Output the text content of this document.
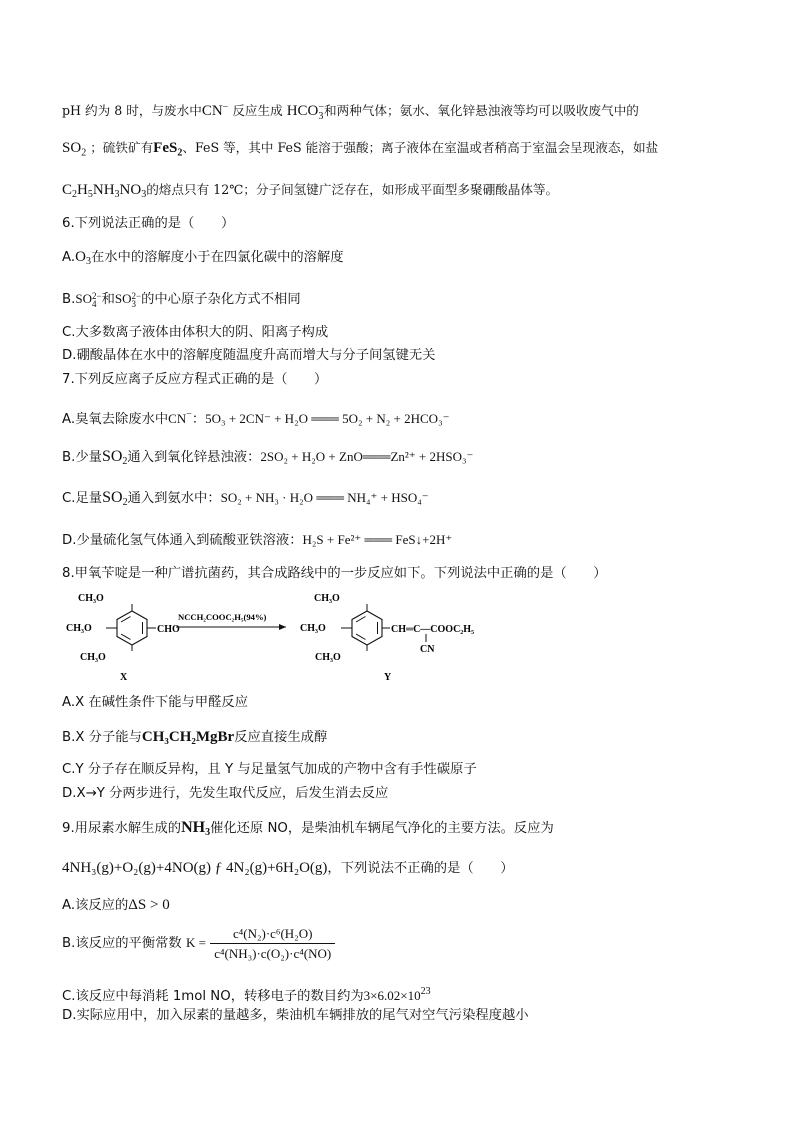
pH 约为 8 时，与废水中CN− 反应生成 HCO −
3 和两种气体；氨水、氧化锌悬浊液等均可以吸收废气中的
$SO_2$ ；硫铁矿有FeS$_2$、FeS 等，其中 FeS 能溶于强酸；离子液体在室温或者稍高于室温会呈现液态，如盐
$C_2H_5NH_3NO_3$的熔点只有 12℃；分子间氢键广泛存在，如形成平面型多聚硼酸晶体等。
6.下列说法正确的是（　　）
$A.O_3$在水中的溶解度小于在四氯化碳中的溶解度
B.SO 2−
4 和SO 2−
3 的中心原子杂化方式不相同
C.大多数离子液体由体积大的阴、阳离子构成
D.硼酸晶体在水中的溶解度随温度升高而增大与分子间氢键无关
7.下列反应离子反应方程式正确的是（　　）
A.臭氧去除废水中CN−：5O₃ + 2CN⁻ + H₂O ═══ 5O₂ + N₂ + 2HCO₃⁻
B.少量$SO_2$通入到氧化锌悬浊液：2SO₂ + H₂O + ZnO═══Zn²⁺ + 2HSO₃⁻
C.足量$SO_2$通入到氨水中：SO₂ + NH₃ · H₂O ═══ NH₄⁺ + HSO₄⁻
D.少量硫化氢气体通入到硫酸亚铁溶液：H₂S + Fe²⁺ ═══ FeS↓+2H⁺
8.甲氧苄啶是一种广谱抗菌药，其合成路线中的一步反应如下。下列说法中正确的是（　　）
CH₃O
CH₃O
CH₃O
CHO
X
NCCH₂COOC₂H₅(94%)
CH₃O
CH₃O
CH₃O
CH═C—COOC₂H₅
CN
Y
A.X 在碱性条件下能与甲醛反应
B.X 分子能与CH₃CH₂MgBr反应直接生成醇
C.Y 分子存在顺反异构，且 Y 与足量氢气加成的产物中含有手性碳原子
D.X→Y 分两步进行，先发生取代反应，后发生消去反应
9.用尿素水解生成的$NH_3$催化还原 NO，是柴油机车辆尾气净化的主要方法。反应为
4NH₃(g)+O₂(g)+4NO(g) ƒ 4N₂(g)+6H₂O(g)，下列说法不正确的是（　　）
A.该反应的ΔS > 0
B.该反应的平衡常数 $K = \frac{\text{c⁴(N₂)·c⁶(H₂O)}}{\text{c⁴(NH₃)·c(O₂)·c⁴(NO)}}$
C.该反应中每消耗 1mol NO，转移电子的数目约为$3\times 6.02\times 10^{23}$
D.实际应用中，加入尿素的量越多，柴油机车辆排放的尾气对空气污染程度越小
